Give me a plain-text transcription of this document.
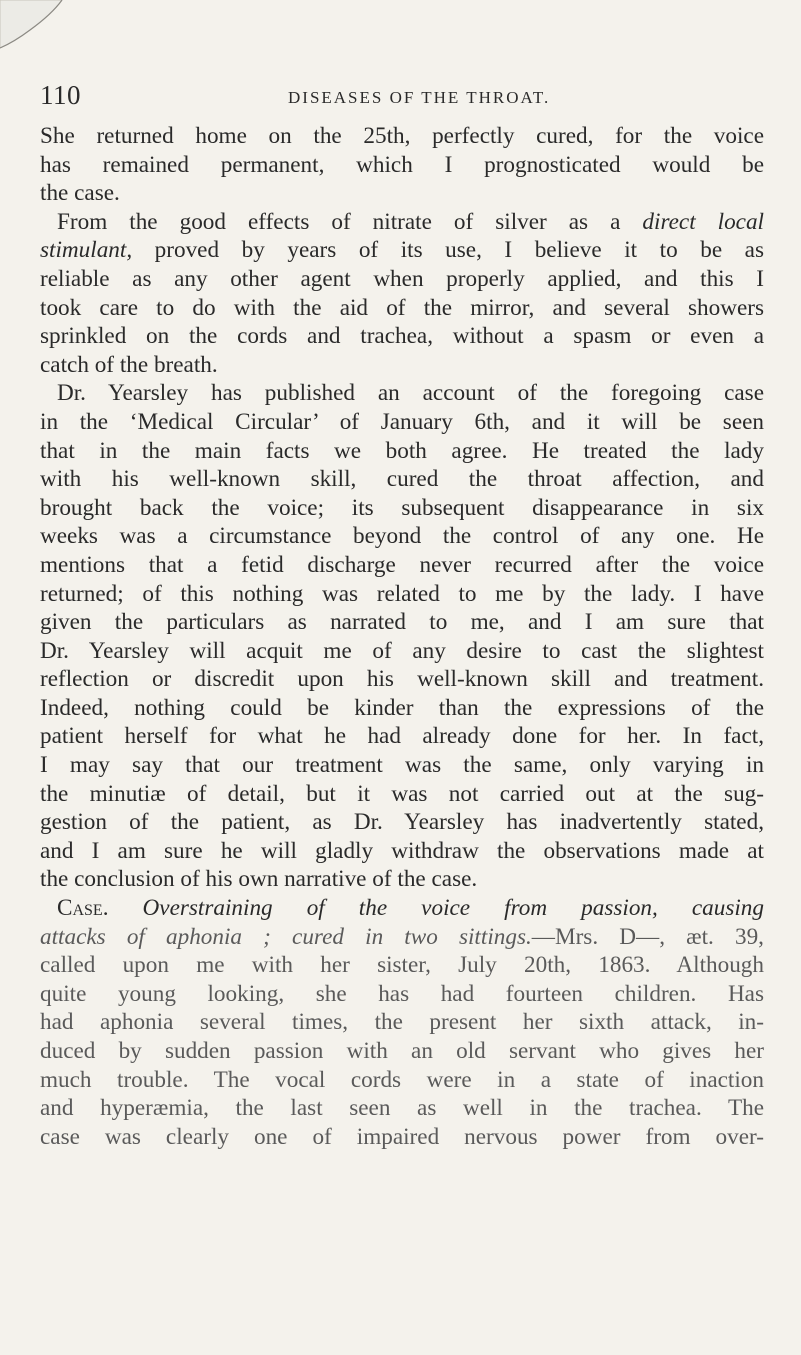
110	DISEASES OF THE THROAT.
She returned home on the 25th, perfectly cured, for the voice
has remained permanent, which I prognosticated would be
the case.
From the good effects of nitrate of silver as a direct local
stimulant, proved by years of its use, I believe it to be as
reliable as any other agent when properly applied, and this I
took care to do with the aid of the mirror, and several showers
sprinkled on the cords and trachea, without a spasm or even a
catch of the breath.
Dr. Yearsley has published an account of the foregoing case
in the ‘Medical Circular’ of January 6th, and it will be seen
that in the main facts we both agree. He treated the lady
with his well-known skill, cured the throat affection, and
brought back the voice; its subsequent disappearance in six
weeks was a circumstance beyond the control of any one. He
mentions that a fetid discharge never recurred after the voice
returned; of this nothing was related to me by the lady. I have
given the particulars as narrated to me, and I am sure that
Dr. Yearsley will acquit me of any desire to cast the slightest
reflection or discredit upon his well-known skill and treatment.
Indeed, nothing could be kinder than the expressions of the
patient herself for what he had already done for her. In fact,
I may say that our treatment was the same, only varying in
the minutiæ of detail, but it was not carried out at the sug-
gestion of the patient, as Dr. Yearsley has inadvertently stated,
and I am sure he will gladly withdraw the observations made at
the conclusion of his own narrative of the case.
Case. Overstraining of the voice from passion, causing
attacks of aphonia ; cured in two sittings.—Mrs. D—, æt. 39,
called upon me with her sister, July 20th, 1863. Although
quite young looking, she has had fourteen children. Has
had aphonia several times, the present her sixth attack, in-
duced by sudden passion with an old servant who gives her
much trouble. The vocal cords were in a state of inaction
and hyperæmia, the last seen as well in the trachea. The
case was clearly one of impaired nervous power from over-
